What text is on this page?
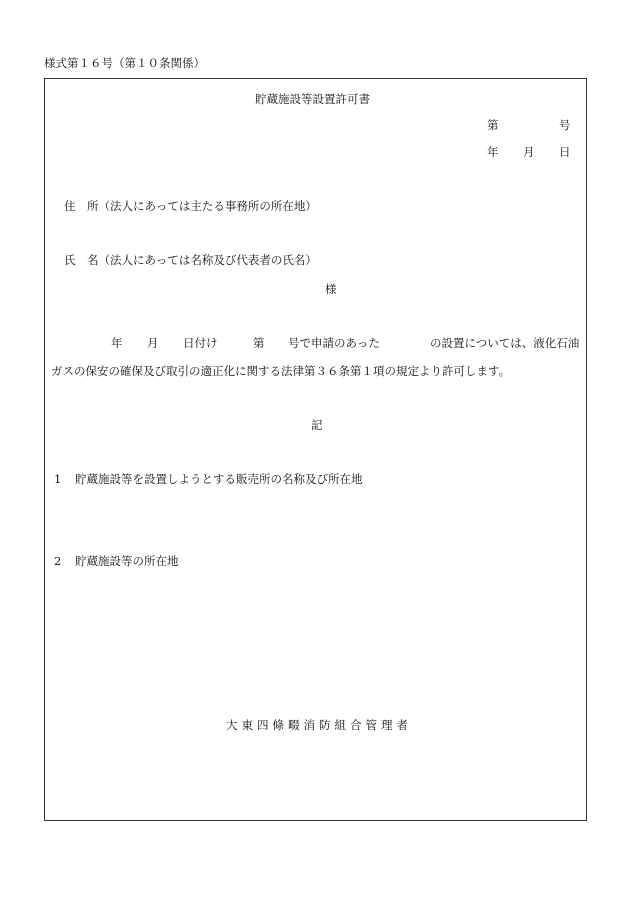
様式第１６号（第１０条関係）
貯蔵施設等設置許可書
第	号
年 月 日
住　所（法人にあっては主たる事務所の所在地）
氏　名（法人にあっては名称及び代表者の氏名）
様
年 月 日付け	第 号で申請のあった	の設置については、液化石油
ガスの保安の確保及び取引の適正化に関する法律第３６条第１項の規定より許可します。
記
1 貯蔵施設等を設置しようとする販売所の名称及び所在地
2 貯蔵施設等の所在地
大東四條畷消防組合管理者
